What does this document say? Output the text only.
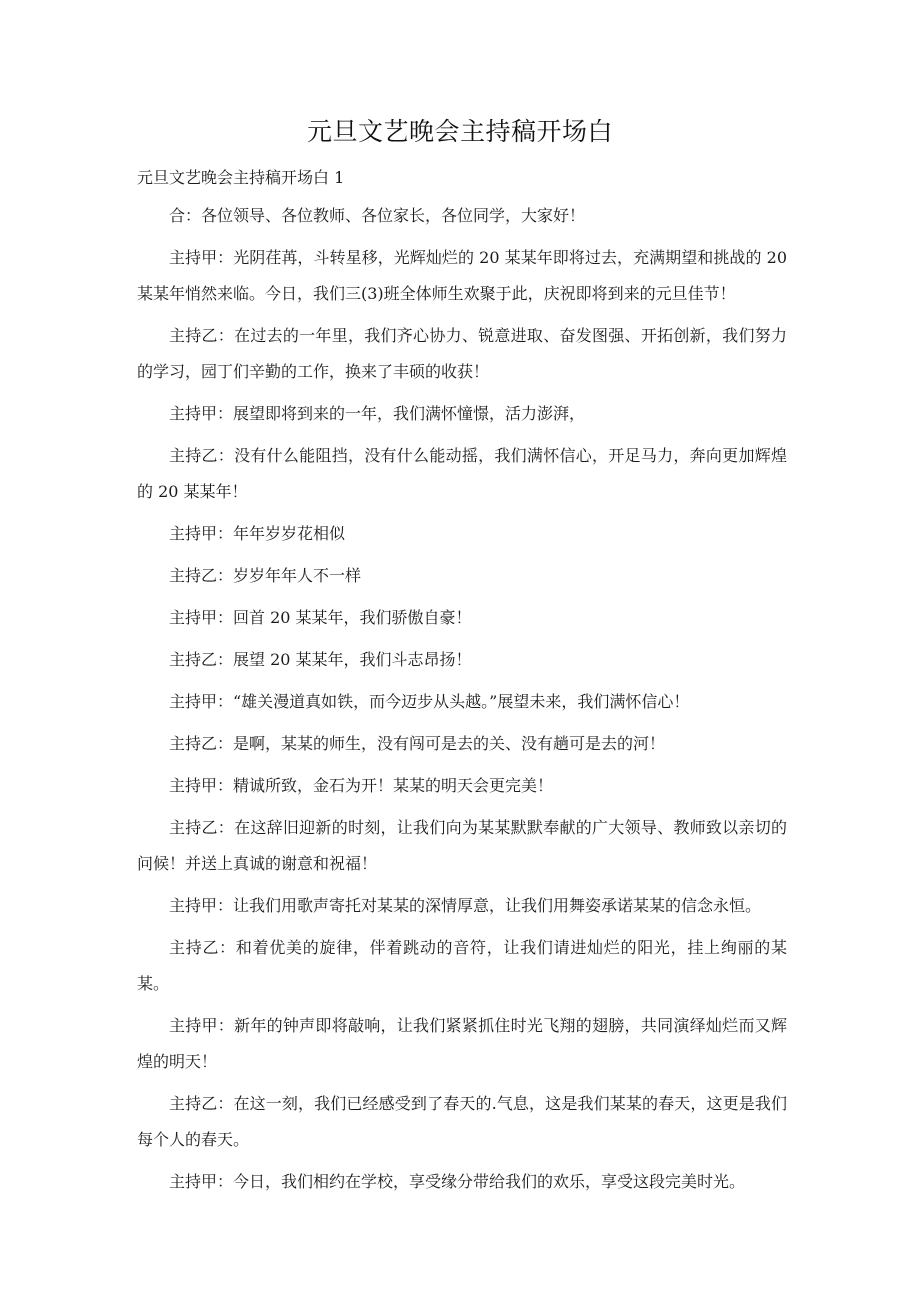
元旦文艺晚会主持稿开场白
元旦文艺晚会主持稿开场白 1

合：各位领导、各位教师、各位家长，各位同学，大家好！

主持甲：光阴荏苒，斗转星移，光辉灿烂的 20 某某年即将过去，充满期望和挑战的 20 某某年悄然来临。今日，我们三(3)班全体师生欢聚于此，庆祝即将到来的元旦佳节！

主持乙：在过去的一年里，我们齐心协力、锐意进取、奋发图强、开拓创新，我们努力的学习，园丁们辛勤的工作，换来了丰硕的收获！

主持甲：展望即将到来的一年，我们满怀憧憬，活力澎湃，

主持乙：没有什么能阻挡，没有什么能动摇，我们满怀信心，开足马力，奔向更加辉煌的 20 某某年！

主持甲：年年岁岁花相似

主持乙：岁岁年年人不一样

主持甲：回首 20 某某年，我们骄傲自豪！

主持乙：展望 20 某某年，我们斗志昂扬！

主持甲：“雄关漫道真如铁，而今迈步从头越。”展望未来，我们满怀信心！

主持乙：是啊，某某的师生，没有闯可是去的关、没有趟可是去的河！

主持甲：精诚所致，金石为开！某某的明天会更完美！

主持乙：在这辞旧迎新的时刻，让我们向为某某默默奉献的广大领导、教师致以亲切的问候！并送上真诚的谢意和祝福！

主持甲：让我们用歌声寄托对某某的深情厚意，让我们用舞姿承诺某某的信念永恒。

主持乙：和着优美的旋律，伴着跳动的音符，让我们请进灿烂的阳光，挂上绚丽的某某。

主持甲：新年的钟声即将敲响，让我们紧紧抓住时光飞翔的翅膀，共同演绎灿烂而又辉煌的明天！

主持乙：在这一刻，我们已经感受到了春天的.气息，这是我们某某的春天，这更是我们每个人的春天。

主持甲：今日，我们相约在学校，享受缘分带给我们的欢乐，享受这段完美时光。
